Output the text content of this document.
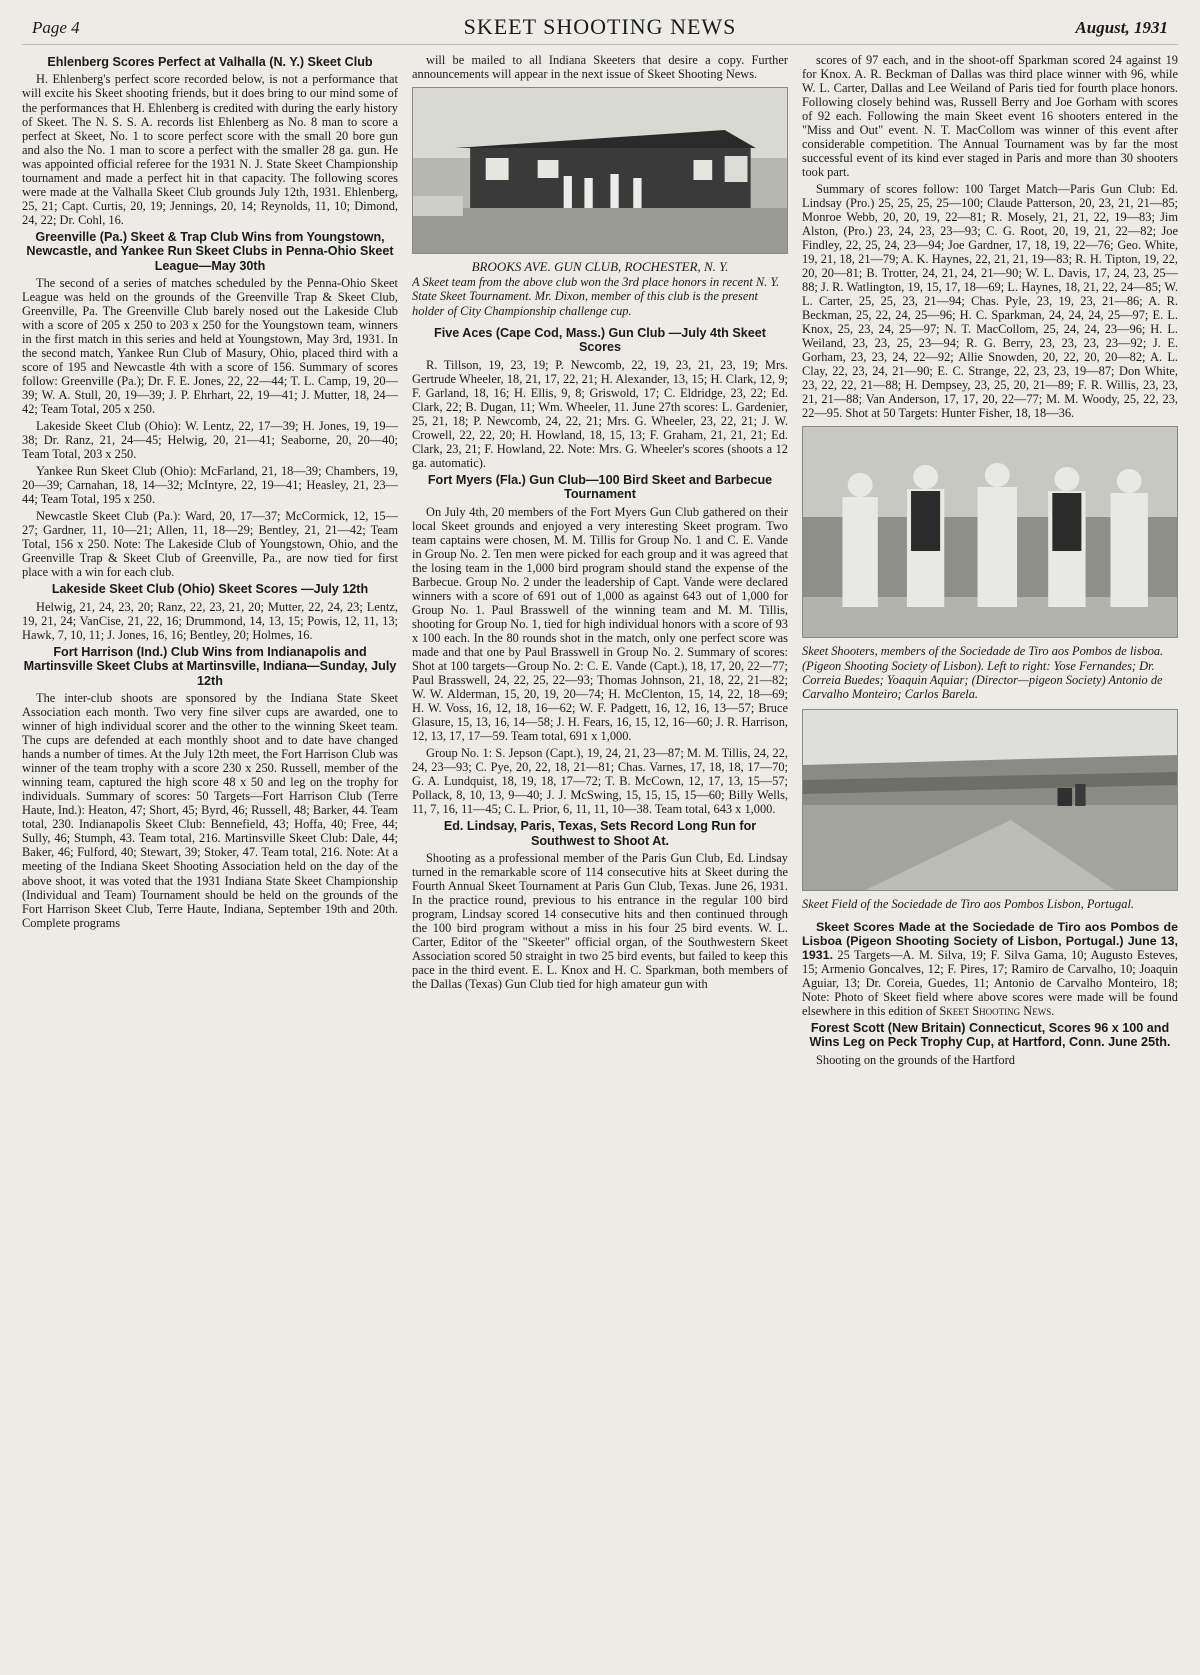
Page 4	SKEET SHOOTING NEWS	August, 1931
Ehlenberg Scores Perfect at Valhalla (N. Y.) Skeet Club

H. Ehlenberg's perfect score recorded below, is not a performance that will excite his Skeet shooting friends, but it does bring to our mind some of the performances that H. Ehlenberg is credited with during the early history of Skeet. The N. S. S. A. records list Ehlenberg as No. 8 man to score a perfect at Skeet, No. 1 to score perfect score with the small 20 bore gun and also the No. 1 man to score a perfect with the smaller 28 ga. gun. He was appointed official referee for the 1931 N. J. State Skeet Championship tournament and made a perfect hit in that capacity. The following scores were made at the Valhalla Skeet Club grounds July 12th, 1931. Ehlenberg, 25, 21; Capt. Curtis, 20, 19; Jennings, 20, 14; Reynolds, 11, 10; Dimond, 24, 22; Dr. Cohl, 16.

Greenville (Pa.) Skeet & Trap Club Wins from Youngstown, Newcastle, and Yankee Run Skeet Clubs in Penna-Ohio Skeet League—May 30th

The second of a series of matches scheduled by the Penna-Ohio Skeet League was held on the grounds of the Greenville Trap & Skeet Club, Greenville, Pa. The Greenville Club barely nosed out the Lakeside Club with a score of 205 x 250 to 203 x 250 for the Youngstown team, winners in the first match in this series and held at Youngstown, May 3rd, 1931. In the second match, Yankee Run Club of Masury, Ohio, placed third with a score of 195 and Newcastle 4th with a score of 156. Summary of scores follow: Greenville (Pa.); Dr. F. E. Jones, 22, 22—44; T. L. Camp, 19, 20—39; W. A. Stull, 20, 19—39; J. P. Ehrhart, 22, 19—41; J. Mutter, 18, 24—42; Team Total, 205 x 250.

Lakeside Skeet Club (Ohio): W. Lentz, 22, 17—39; H. Jones, 19, 19—38; Dr. Ranz, 21, 24—45; Helwig, 20, 21—41; Seaborne, 20, 20—40; Team Total, 203 x 250.

Yankee Run Skeet Club (Ohio): McFarland, 21, 18—39; Chambers, 19, 20—39; Carnahan, 18, 14—32; McIntyre, 22, 19—41; Heasley, 21, 23—44; Team Total, 195 x 250.

Newcastle Skeet Club (Pa.): Ward, 20, 17—37; McCormick, 12, 15—27; Gardner, 11, 10—21; Allen, 11, 18—29; Bentley, 21, 21—42; Team Total, 156 x 250. Note: The Lakeside Club of Youngstown, Ohio, and the Greenville Trap & Skeet Club of Greenville, Pa., are now tied for first place with a win for each club.

Lakeside Skeet Club (Ohio) Skeet Scores —July 12th

Helwig, 21, 24, 23, 20; Ranz, 22, 23, 21, 20; Mutter, 22, 24, 23; Lentz, 19, 21, 24; VanCise, 21, 22, 16; Drummond, 14, 13, 15; Powis, 12, 11, 13; Hawk, 7, 10, 11; J. Jones, 16, 16; Bentley, 20; Holmes, 16.

Fort Harrison (Ind.) Club Wins from Indianapolis and Martinsville Skeet Clubs at Martinsville, Indiana—Sunday, July 12th

The inter-club shoots are sponsored by the Indiana State Skeet Association each month. Two very fine silver cups are awarded, one to winner of high individual scorer and the other to the winning Skeet team. The cups are defended at each monthly shoot and to date have changed hands a number of times. At the July 12th meet, the Fort Harrison Club was winner of the team trophy with a score 230 x 250. Russell, member of the winning team, captured the high score 48 x 50 and leg on the trophy for individuals. Summary of scores: 50 Targets—Fort Harrison Club (Terre Haute, Ind.): Heaton, 47; Short, 45; Byrd, 46; Russell, 48; Barker, 44. Team total, 230. Indianapolis Skeet Club: Bennefield, 43; Hoffa, 40; Free, 44; Sully, 46; Stumph, 43. Team total, 216. Martinsville Skeet Club: Dale, 44; Baker, 46; Fulford, 40; Stewart, 39; Stoker, 47. Team total, 216. Note: At a meeting of the Indiana Skeet Shooting Association held on the day of the above shoot, it was voted that the 1931 Indiana State Skeet Championship (Individual and Team) Tournament should be held on the grounds of the Fort Harrison Skeet Club, Terre Haute, Indiana, September 19th and 20th. Complete programs

will be mailed to all Indiana Skeeters that desire a copy. Further announcements will appear in the next issue of Skeet Shooting News.

BROOKS AVE. GUN CLUB, ROCHESTER, N. Y.
A Skeet team from the above club won the 3rd place honors in recent N. Y. State Skeet Tournament. Mr. Dixon, member of this club is the present holder of City Championship challenge cup.
Five Aces (Cape Cod, Mass.) Gun Club —July 4th Skeet Scores

R. Tillson, 19, 23, 19; P. Newcomb, 22, 19, 23, 21, 23, 19; Mrs. Gertrude Wheeler, 18, 21, 17, 22, 21; H. Alexander, 13, 15; H. Clark, 12, 9; F. Garland, 18, 16; H. Ellis, 9, 8; Griswold, 17; C. Eldridge, 23, 22; Ed. Clark, 22; B. Dugan, 11; Wm. Wheeler, 11. June 27th scores: L. Gardenier, 25, 21, 18; P. Newcomb, 24, 22, 21; Mrs. G. Wheeler, 23, 22, 21; J. W. Crowell, 22, 22, 20; H. Howland, 18, 15, 13; F. Graham, 21, 21, 21; Ed. Clark, 23, 21; F. Howland, 22. Note: Mrs. G. Wheeler's scores (shoots a 12 ga. automatic).

Fort Myers (Fla.) Gun Club—100 Bird Skeet and Barbecue Tournament

On July 4th, 20 members of the Fort Myers Gun Club gathered on their local Skeet grounds and enjoyed a very interesting Skeet program. Two team captains were chosen, M. M. Tillis for Group No. 1 and C. E. Vande in Group No. 2. Ten men were picked for each group and it was agreed that the losing team in the 1,000 bird program should stand the expense of the Barbecue. Group No. 2 under the leadership of Capt. Vande were declared winners with a score of 691 out of 1,000 as against 643 out of 1,000 for Group No. 1. Paul Brasswell of the winning team and M. M. Tillis, shooting for Group No. 1, tied for high individual honors with a score of 93 x 100 each. In the 80 rounds shot in the match, only one perfect score was made and that one by Paul Brasswell in Group No. 2. Summary of scores: Shot at 100 targets—Group No. 2: C. E. Vande (Capt.), 18, 17, 20, 22—77; Paul Brasswell, 24, 22, 25, 22—93; Thomas Johnson, 21, 18, 22, 21—82; W. W. Alderman, 15, 20, 19, 20—74; H. McClenton, 15, 14, 22, 18—69; H. W. Voss, 16, 12, 18, 16—62; W. F. Padgett, 16, 12, 16, 13—57; Bruce Glasure, 15, 13, 16, 14—58; J. H. Fears, 16, 15, 12, 16—60; J. R. Harrison, 12, 13, 17, 17—59. Team total, 691 x 1,000.

Group No. 1: S. Jepson (Capt.), 19, 24, 21, 23—87; M. M. Tillis, 24, 22, 24, 23—93; C. Pye, 20, 22, 18, 21—81; Chas. Varnes, 17, 18, 18, 17—70; G. A. Lundquist, 18, 19, 18, 17—72; T. B. McCown, 12, 17, 13, 15—57; Pollack, 8, 10, 13, 9—40; J. J. McSwing, 15, 15, 15, 15—60; Billy Wells, 11, 7, 16, 11—45; C. L. Prior, 6, 11, 11, 10—38. Team total, 643 x 1,000.

Ed. Lindsay, Paris, Texas, Sets Record Long Run for Southwest to Shoot At.

Shooting as a professional member of the Paris Gun Club, Ed. Lindsay turned in the remarkable score of 114 consecutive hits at Skeet during the Fourth Annual Skeet Tournament at Paris Gun Club, Texas. June 26, 1931. In the practice round, previous to his entrance in the regular 100 bird program, Lindsay scored 14 consecutive hits and then continued through the 100 bird program without a miss in his four 25 bird events. W. L. Carter, Editor of the "Skeeter" official organ, of the Southwestern Skeet Association scored 50 straight in two 25 bird events, but failed to keep this pace in the third event. E. L. Knox and H. C. Sparkman, both members of the Dallas (Texas) Gun Club tied for high amateur gun with

scores of 97 each, and in the shoot-off Sparkman scored 24 against 19 for Knox. A. R. Beckman of Dallas was third place winner with 96, while W. L. Carter, Dallas and Lee Weiland of Paris tied for fourth place honors. Following closely behind was, Russell Berry and Joe Gorham with scores of 92 each. Following the main Skeet event 16 shooters entered in the "Miss and Out" event. N. T. MacCollom was winner of this event after considerable competition. The Annual Tournament was by far the most successful event of its kind ever staged in Paris and more than 30 shooters took part.

Summary of scores follow: 100 Target Match—Paris Gun Club: Ed. Lindsay (Pro.) 25, 25, 25, 25—100; Claude Patterson, 20, 23, 21, 21—85; Monroe Webb, 20, 20, 19, 22—81; R. Mosely, 21, 21, 22, 19—83; Jim Alston, (Pro.) 23, 24, 23, 23—93; C. G. Root, 20, 19, 21, 22—82; Joe Findley, 22, 25, 24, 23—94; Joe Gardner, 17, 18, 19, 22—76; Geo. White, 19, 21, 18, 21—79; A. K. Haynes, 22, 21, 21, 19—83; R. H. Tipton, 19, 22, 20, 20—81; B. Trotter, 24, 21, 24, 21—90; W. L. Davis, 17, 24, 23, 25—88; J. R. Watlington, 19, 15, 17, 18—69; L. Haynes, 18, 21, 22, 24—85; W. L. Carter, 25, 25, 23, 21—94; Chas. Pyle, 23, 19, 23, 21—86; A. R. Beckman, 25, 22, 24, 25—96; H. C. Sparkman, 24, 24, 24, 25—97; E. L. Knox, 25, 23, 24, 25—97; N. T. MacCollom, 25, 24, 24, 23—96; H. L. Weiland, 23, 23, 25, 23—94; R. G. Berry, 23, 23, 23, 23—92; J. E. Gorham, 23, 23, 24, 22—92; Allie Snowden, 20, 22, 20, 20—82; A. L. Clay, 22, 23, 24, 21—90; E. C. Strange, 22, 23, 23, 19—87; Don White, 23, 22, 22, 21—88; H. Dempsey, 23, 25, 20, 21—89; F. R. Willis, 23, 23, 21, 21—88; Van Anderson, 17, 17, 20, 22—77; M. M. Woody, 25, 22, 23, 22—95. Shot at 50 Targets: Hunter Fisher, 18, 18—36.

Skeet Shooters, members of the Sociedade de Tiro aos Pombos de lisboa. (Pigeon Shooting Society of Lisbon). Left to right: Yose Fernandes; Dr. Correia Buedes; Yoaquin Aquiar; (Director—pigeon Society) Antonio de Carvalho Monteiro; Carlos Barela.
Skeet Field of the Sociedade de Tiro aos Pombos Lisbon, Portugal.

Skeet Scores Made at the Sociedade de Tiro aos Pombos de Lisboa (Pigeon Shooting Society of Lisbon, Portugal.) June 13, 1931. 25 Targets—A. M. Silva, 19; F. Silva Gama, 10; Augusto Esteves, 15; Armenio Goncalves, 12; F. Pires, 17; Ramiro de Carvalho, 10; Joaquin Aguiar, 13; Dr. Coreia, Guedes, 11; Antonio de Carvalho Monteiro, 18; Note: Photo of Skeet field where above scores were made will be found elsewhere in this edition of Skeet Shooting News.

Forest Scott (New Britain) Connecticut, Scores 96 x 100 and Wins Leg on Peck Trophy Cup, at Hartford, Conn. June 25th.

Shooting on the grounds of the Hartford
